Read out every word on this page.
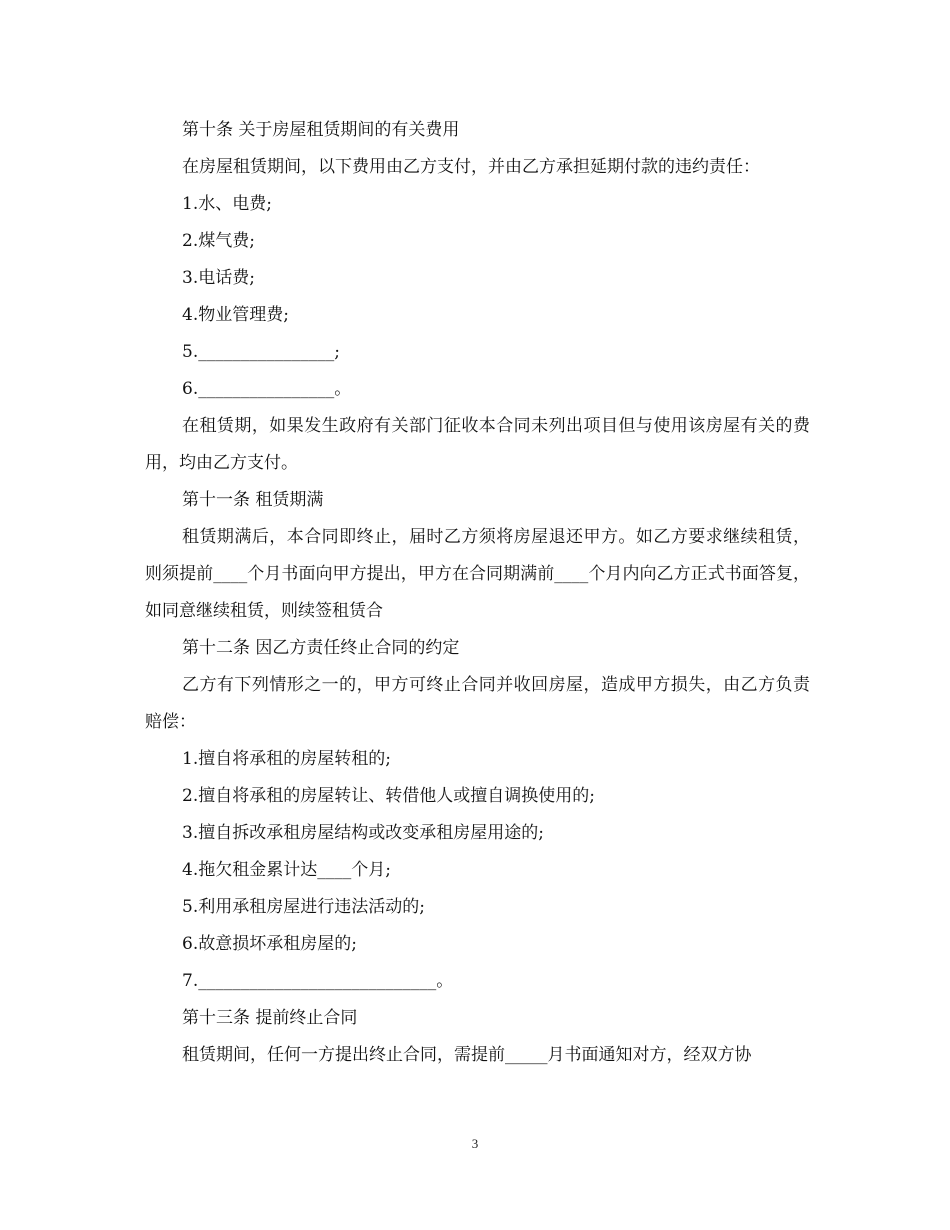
第十条 关于房屋租赁期间的有关费用

在房屋租赁期间，以下费用由乙方支付，并由乙方承担延期付款的违约责任：

1.水、电费;

2.煤气费;

3.电话费;

4.物业管理费;

5.________________;

6.________________。

在租赁期，如果发生政府有关部门征收本合同未列出项目但与使用该房屋有关的费用，均由乙方支付。

第十一条 租赁期满

租赁期满后，本合同即终止，届时乙方须将房屋退还甲方。如乙方要求继续租赁，则须提前____个月书面向甲方提出，甲方在合同期满前____个月内向乙方正式书面答复，如同意继续租赁，则续签租赁合

第十二条 因乙方责任终止合同的约定

乙方有下列情形之一的，甲方可终止合同并收回房屋，造成甲方损失，由乙方负责赔偿：

1.擅自将承租的房屋转租的;

2.擅自将承租的房屋转让、转借他人或擅自调换使用的;

3.擅自拆改承租房屋结构或改变承租房屋用途的;

4.拖欠租金累计达____个月;

5.利用承租房屋进行违法活动的;

6.故意损坏承租房屋的;

7.____________________________。

第十三条 提前终止合同

租赁期间，任何一方提出终止合同，需提前_____月书面通知对方，经双方协

3
